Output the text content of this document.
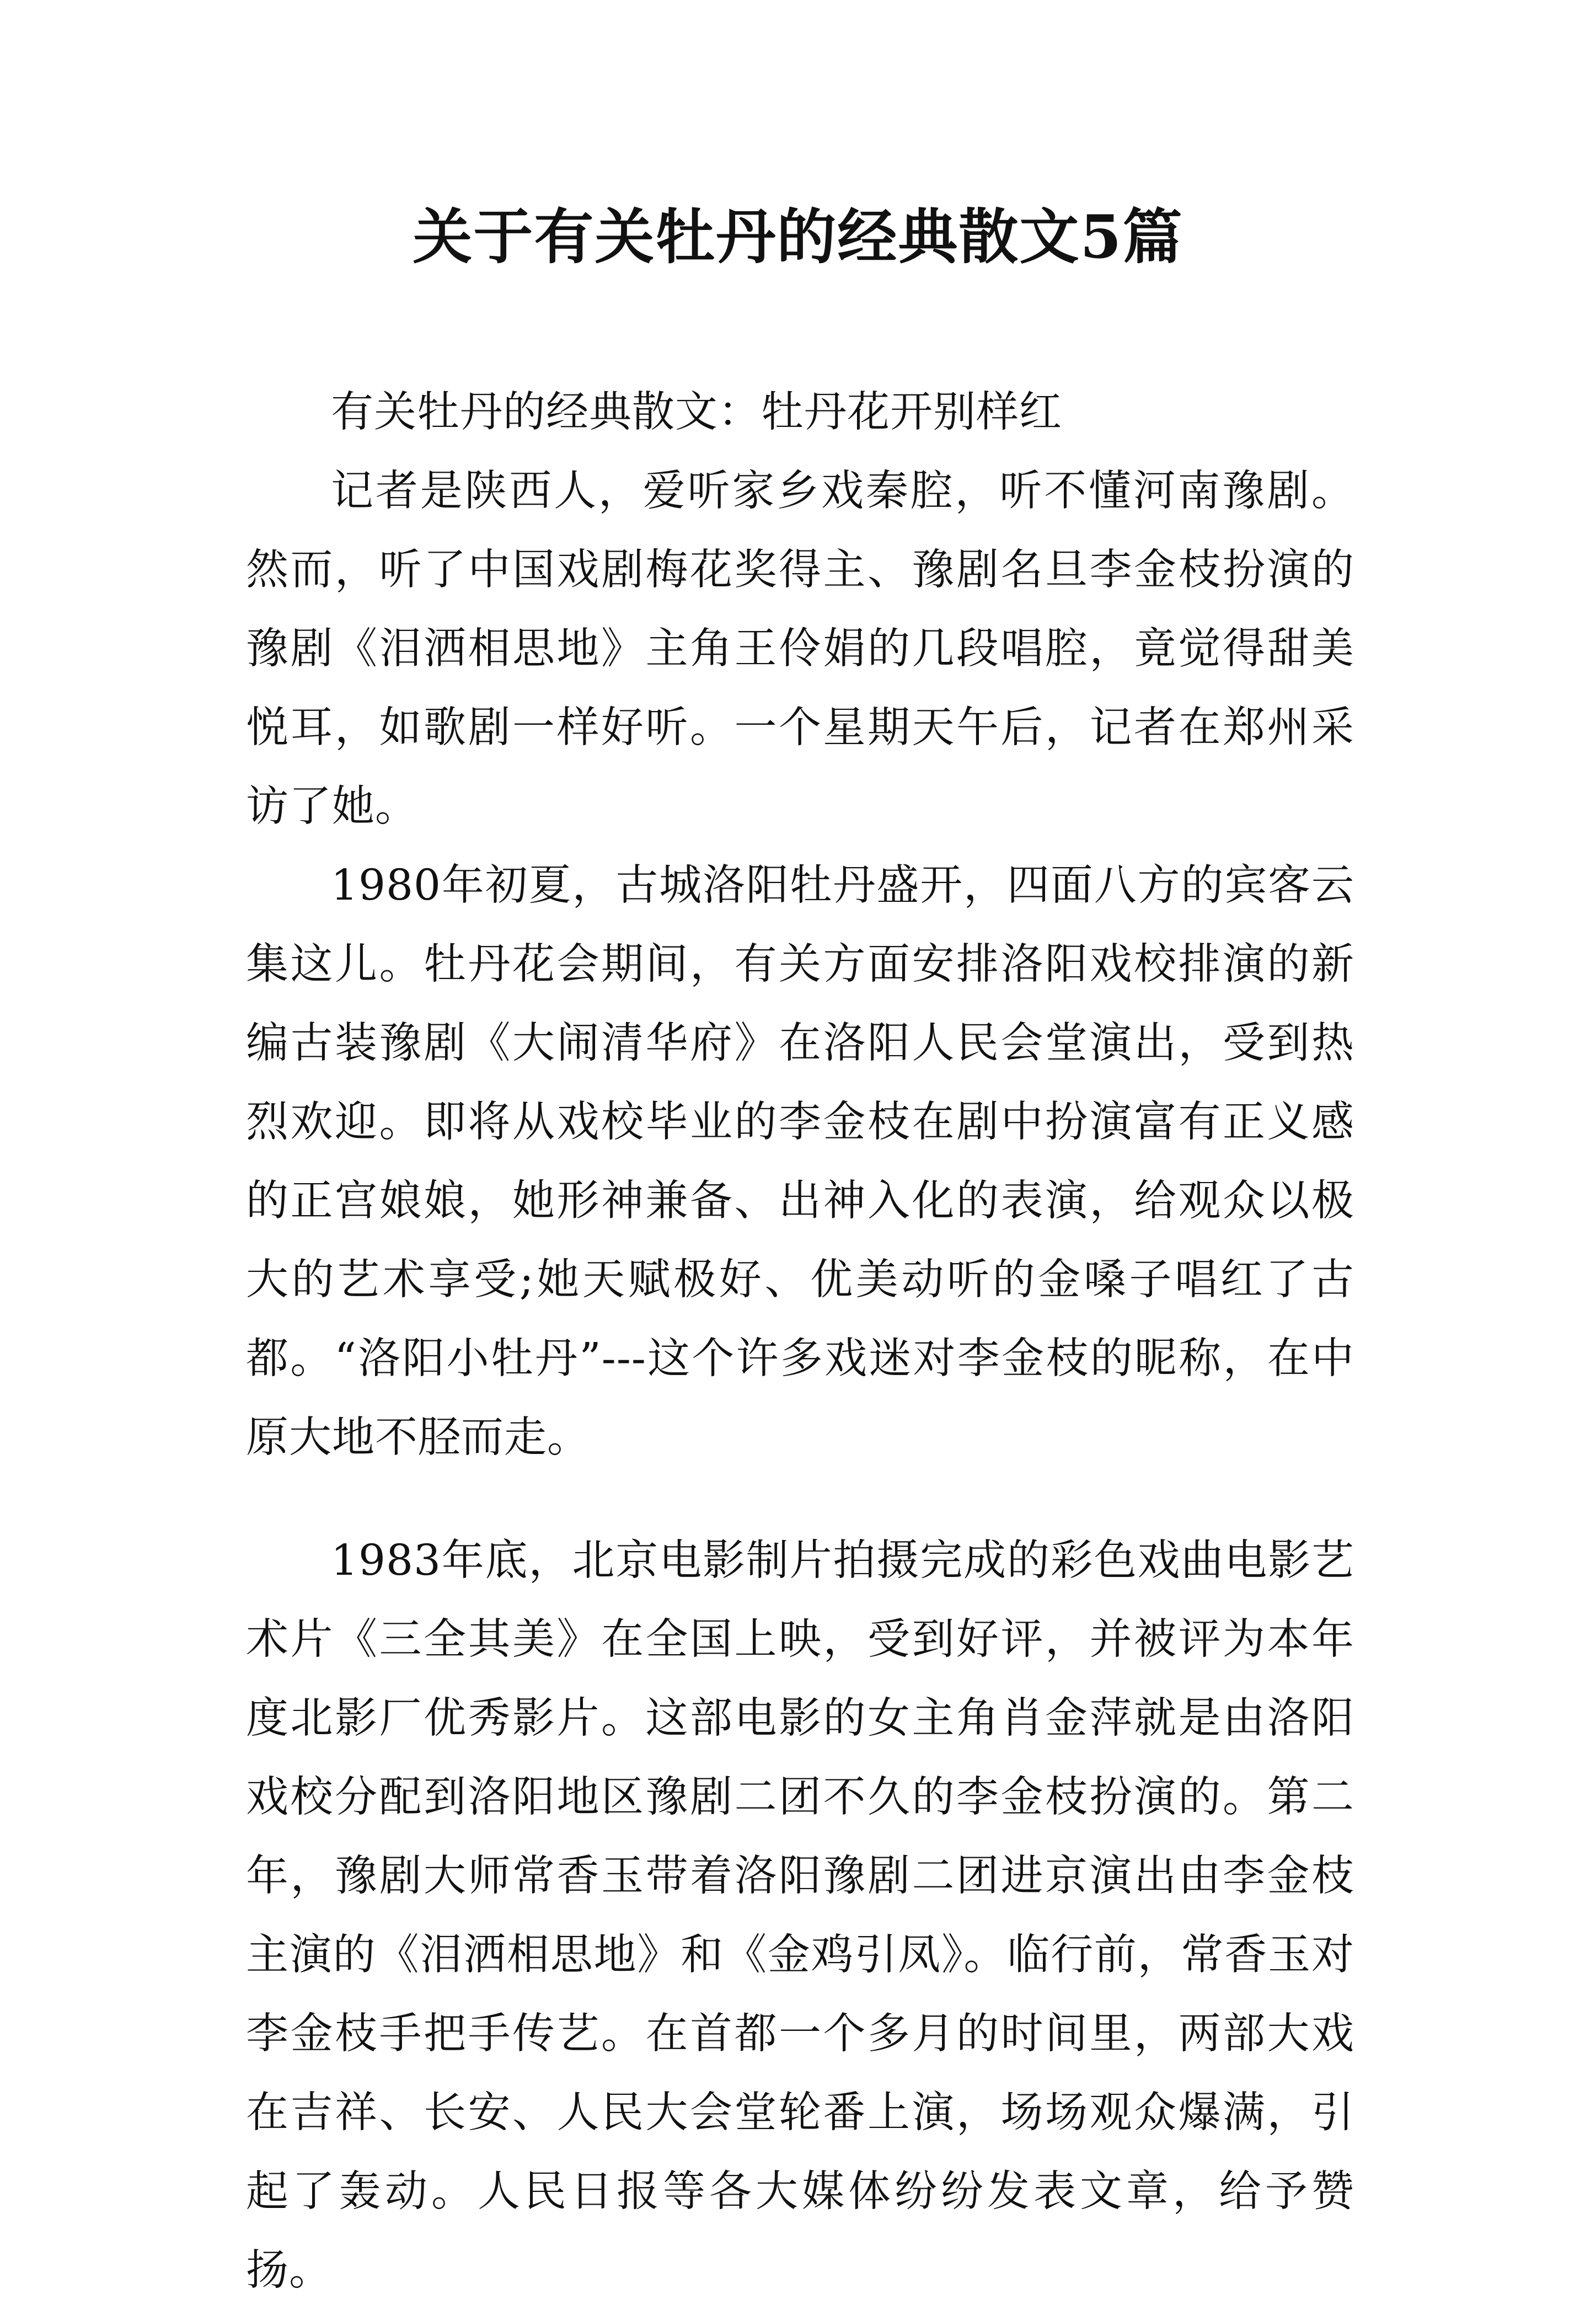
关于有关牡丹的经典散文5篇

有关牡丹的经典散文：牡丹花开别样红

记者是陕西人，爱听家乡戏秦腔，听不懂河南豫剧。然而，听了中国戏剧梅花奖得主、豫剧名旦李金枝扮演的豫剧《泪洒相思地》主角王伶娟的几段唱腔，竟觉得甜美悦耳，如歌剧一样好听。一个星期天午后，记者在郑州采访了她。

1980年初夏，古城洛阳牡丹盛开，四面八方的宾客云集这儿。牡丹花会期间，有关方面安排洛阳戏校排演的新编古装豫剧《大闹清华府》在洛阳人民会堂演出，受到热烈欢迎。即将从戏校毕业的李金枝在剧中扮演富有正义感的正宫娘娘，她形神兼备、出神入化的表演，给观众以极大的艺术享受;她天赋极好、优美动听的金嗓子唱红了古都。“洛阳小牡丹”---这个许多戏迷对李金枝的昵称，在中原大地不胫而走。

1983年底，北京电影制片拍摄完成的彩色戏曲电影艺术片《三全其美》在全国上映，受到好评，并被评为本年度北影厂优秀影片。这部电影的女主角肖金萍就是由洛阳戏校分配到洛阳地区豫剧二团不久的李金枝扮演的。第二年，豫剧大师常香玉带着洛阳豫剧二团进京演出由李金枝主演的《泪洒相思地》和《金鸡引凤》。临行前，常香玉对李金枝手把手传艺。在首都一个多月的时间里，两部大戏在吉祥、长安、人民大会堂轮番上演，场场观众爆满，引起了轰动。人民日报等各大媒体纷纷发表文章，给予赞扬。
